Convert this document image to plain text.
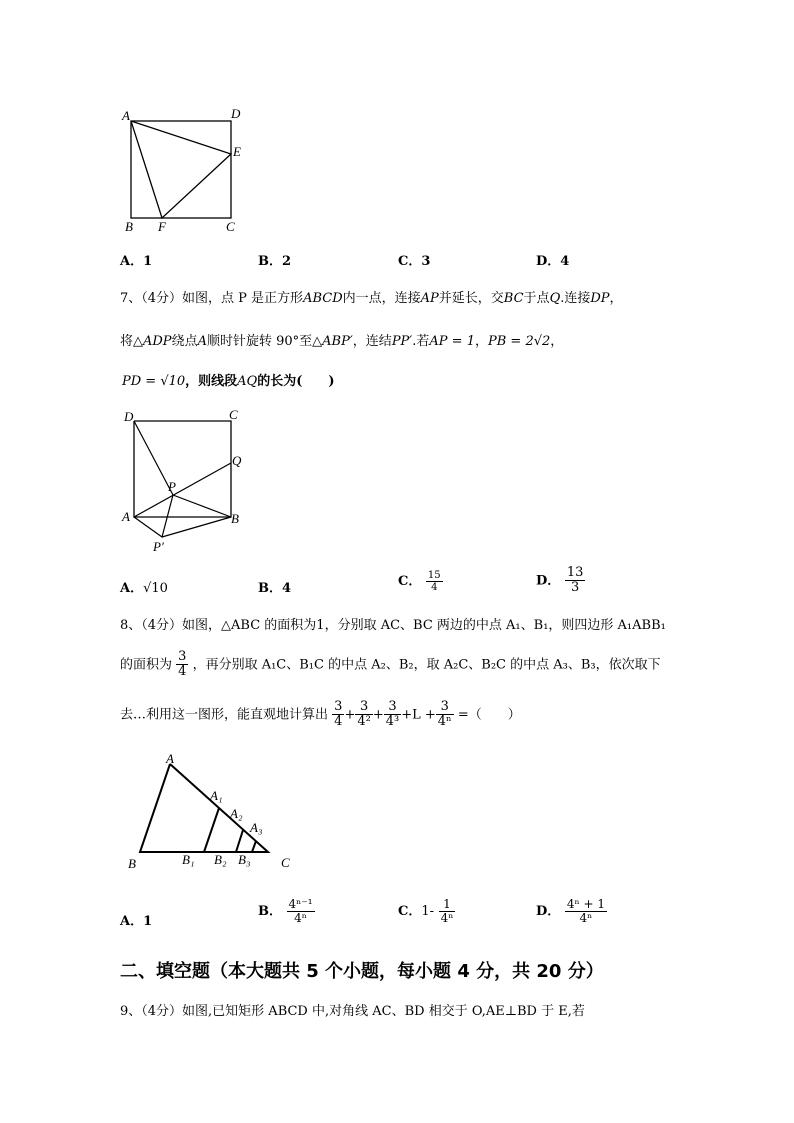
A	D
E
B F	C
A．1	B．2	C．3	D．4
7、（4分）如图，点 P 是正方形ABCD内一点，连接AP并延长，交BC于点Q.连接DP，
将△ADP绕点A顺时针旋转 90°至△ABP′，连结PP′.若AP = 1，PB = 2√2，
PD = √10，则线段AQ的长为(　　)
D	C
Q
P
A	B
P′
A．√10	B．4	C． $\frac{15}{4}$	D． $\frac{13}{3}$
8、（4分）如图，△ABC 的面积为1，分别取 AC、BC 两边的中点 A₁、B₁，则四边形 A₁ABB₁
的面积为 $\frac{3}{4}$ ，再分别取 A₁C、B₁C 的中点 A₂、B₂，取 A₂C、B₂C 的中点 A₃、B₃，依次取下
去…利用这一图形，能直观地计算出 $\frac{3}{4} + \frac{3}{\text{4²}} + \frac{3}{\text{4³}} +L + \frac{3}{\text{4ⁿ}}$ =（　　）
A
A₁
A₂
A₃
B	B₁ B₂ B₃ C
A．1
B． $\frac{\text{4ⁿ⁻¹}}{\text{4ⁿ}}$	C．$1- \frac{1}{\text{4ⁿ}}$	D． $\frac{\text{4ⁿ + 1}}{\text{4ⁿ}}$
二、填空题（本大题共 5 个小题，每小题 4 分，共 20 分）
9、（4分）如图,已知矩形 ABCD 中,对角线 AC、BD 相交于 O,AE⊥BD 于 E,若
